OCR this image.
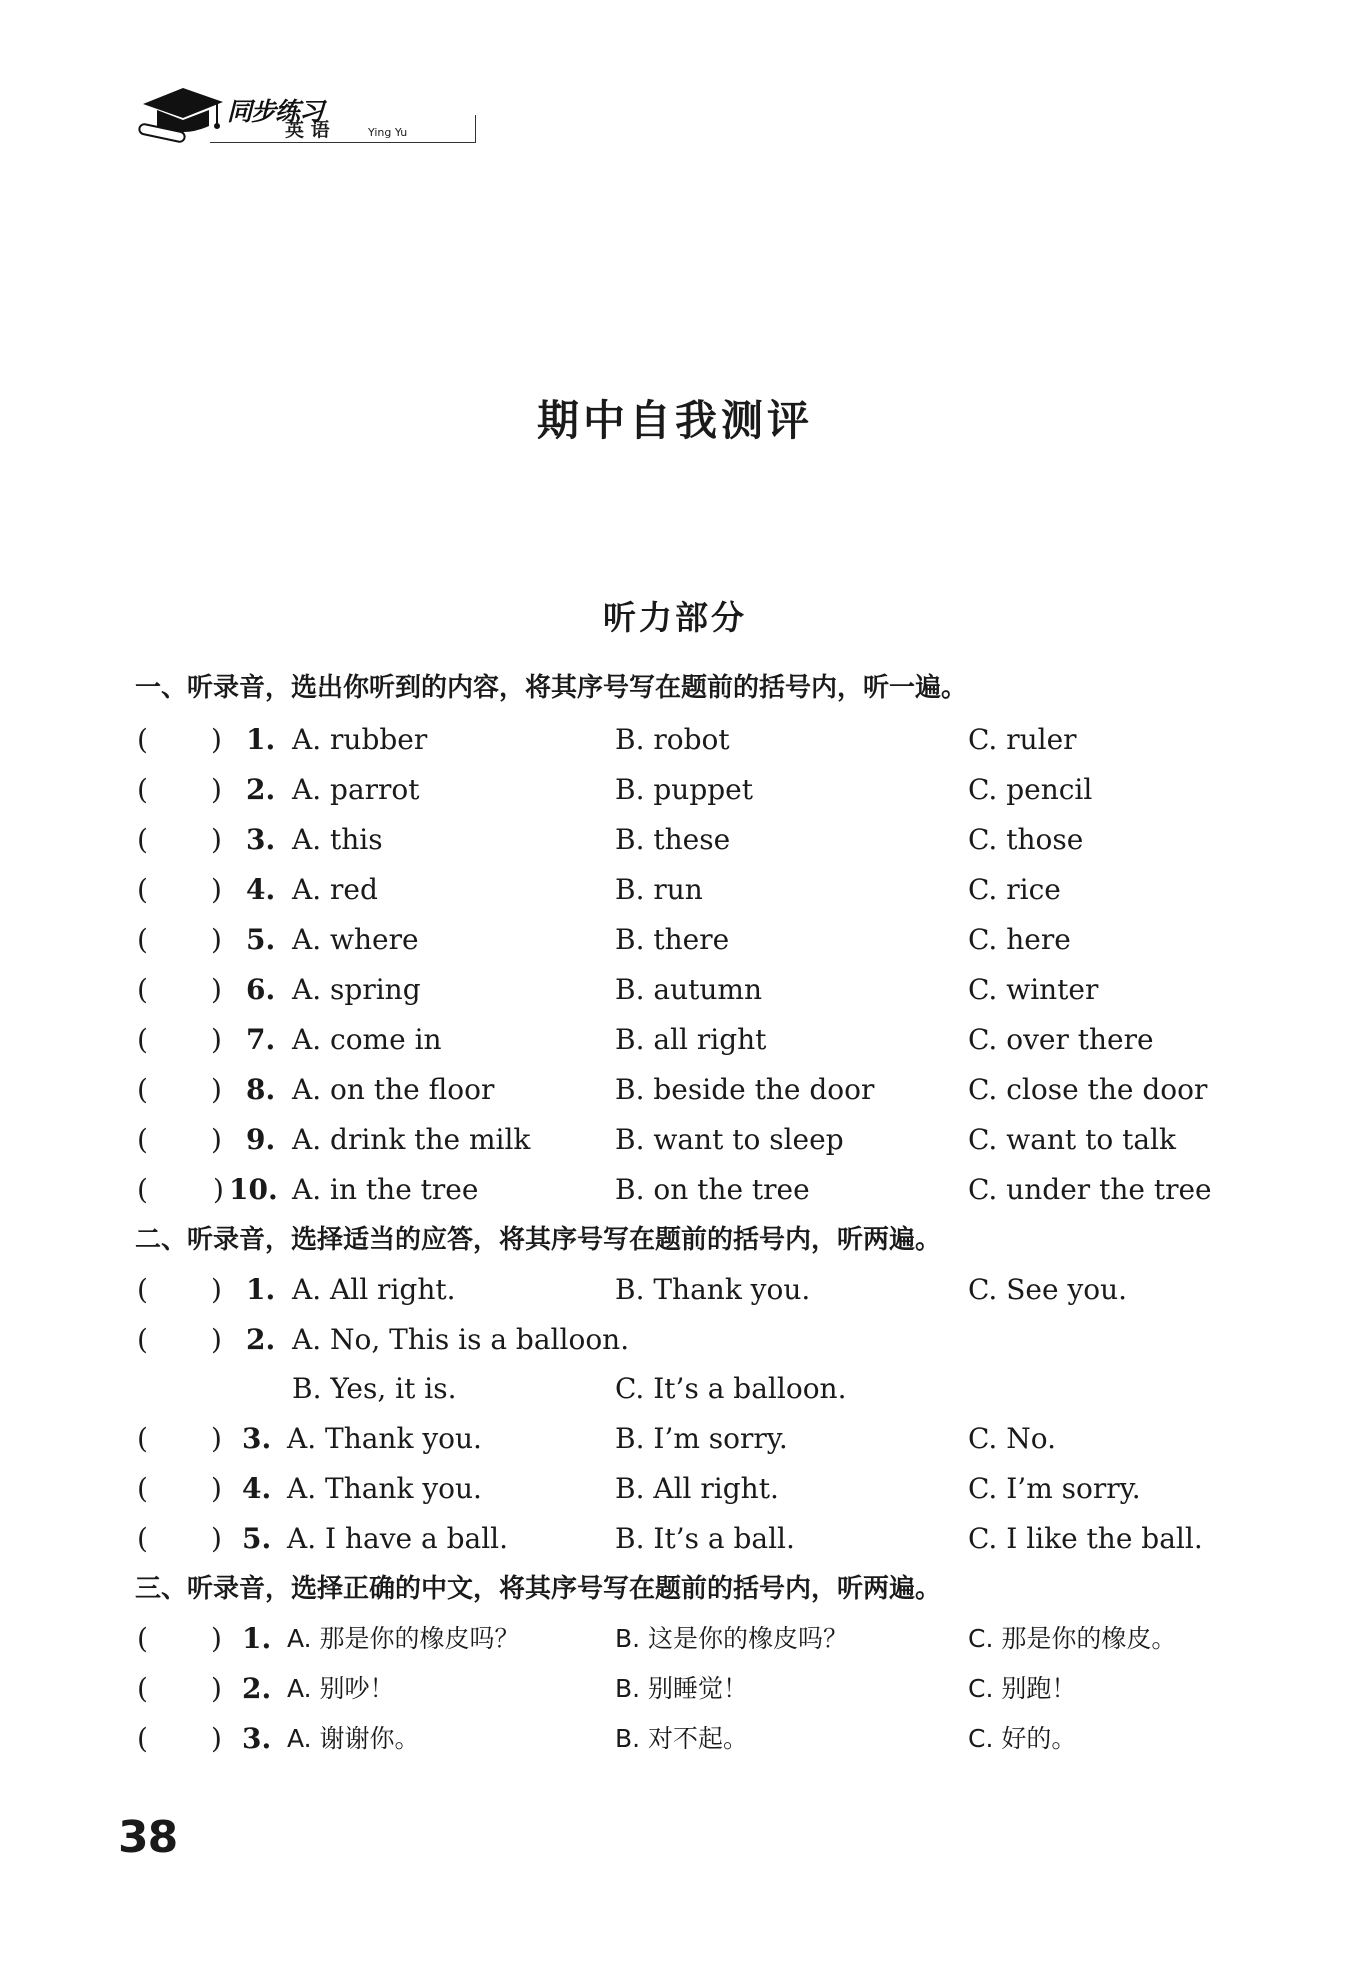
同步练习
英 语	Ying Yu
期中自我测评
听力部分
一、听录音，选出你听到的内容，将其序号写在题前的括号内，听一遍。
( ) 1. A. rubber	B. robot	C. ruler
( ) 2. A. parrot	B. puppet	C. pencil
( ) 3. A. this	B. these	C. those
( ) 4. A. red	B. run	C. rice
( ) 5. A. where	B. there	C. here
( ) 6. A. spring	B. autumn	C. winter
( ) 7. A. come in	B. all right	C. over there
( ) 8. A. on the floor	B. beside the door	C. close the door
( ) 9. A. drink the milk	B. want to sleep	C. want to talk
( ) 10. A. in the tree	B. on the tree	C. under the tree
二、听录音，选择适当的应答，将其序号写在题前的括号内，听两遍。
( ) 1. A. All right.	B. Thank you.	C. See you.
( ) 2. A. No, This is a balloon.
B. Yes, it is.	C. It’s a balloon.
( ) 3. A. Thank you.	B. I’m sorry.	C. No.
( ) 4. A. Thank you.	B. All right.	C. I’m sorry.
( ) 5. A. I have a ball.	B. It’s a ball.	C. I like the ball.
三、听录音，选择正确的中文，将其序号写在题前的括号内，听两遍。
( ) 1. A. 那是你的橡皮吗？	B. 这是你的橡皮吗？	C. 那是你的橡皮。
( ) 2. A. 别吵！	B. 别睡觉！	C. 别跑！
( ) 3. A. 谢谢你。	B. 对不起。	C. 好的。
38
